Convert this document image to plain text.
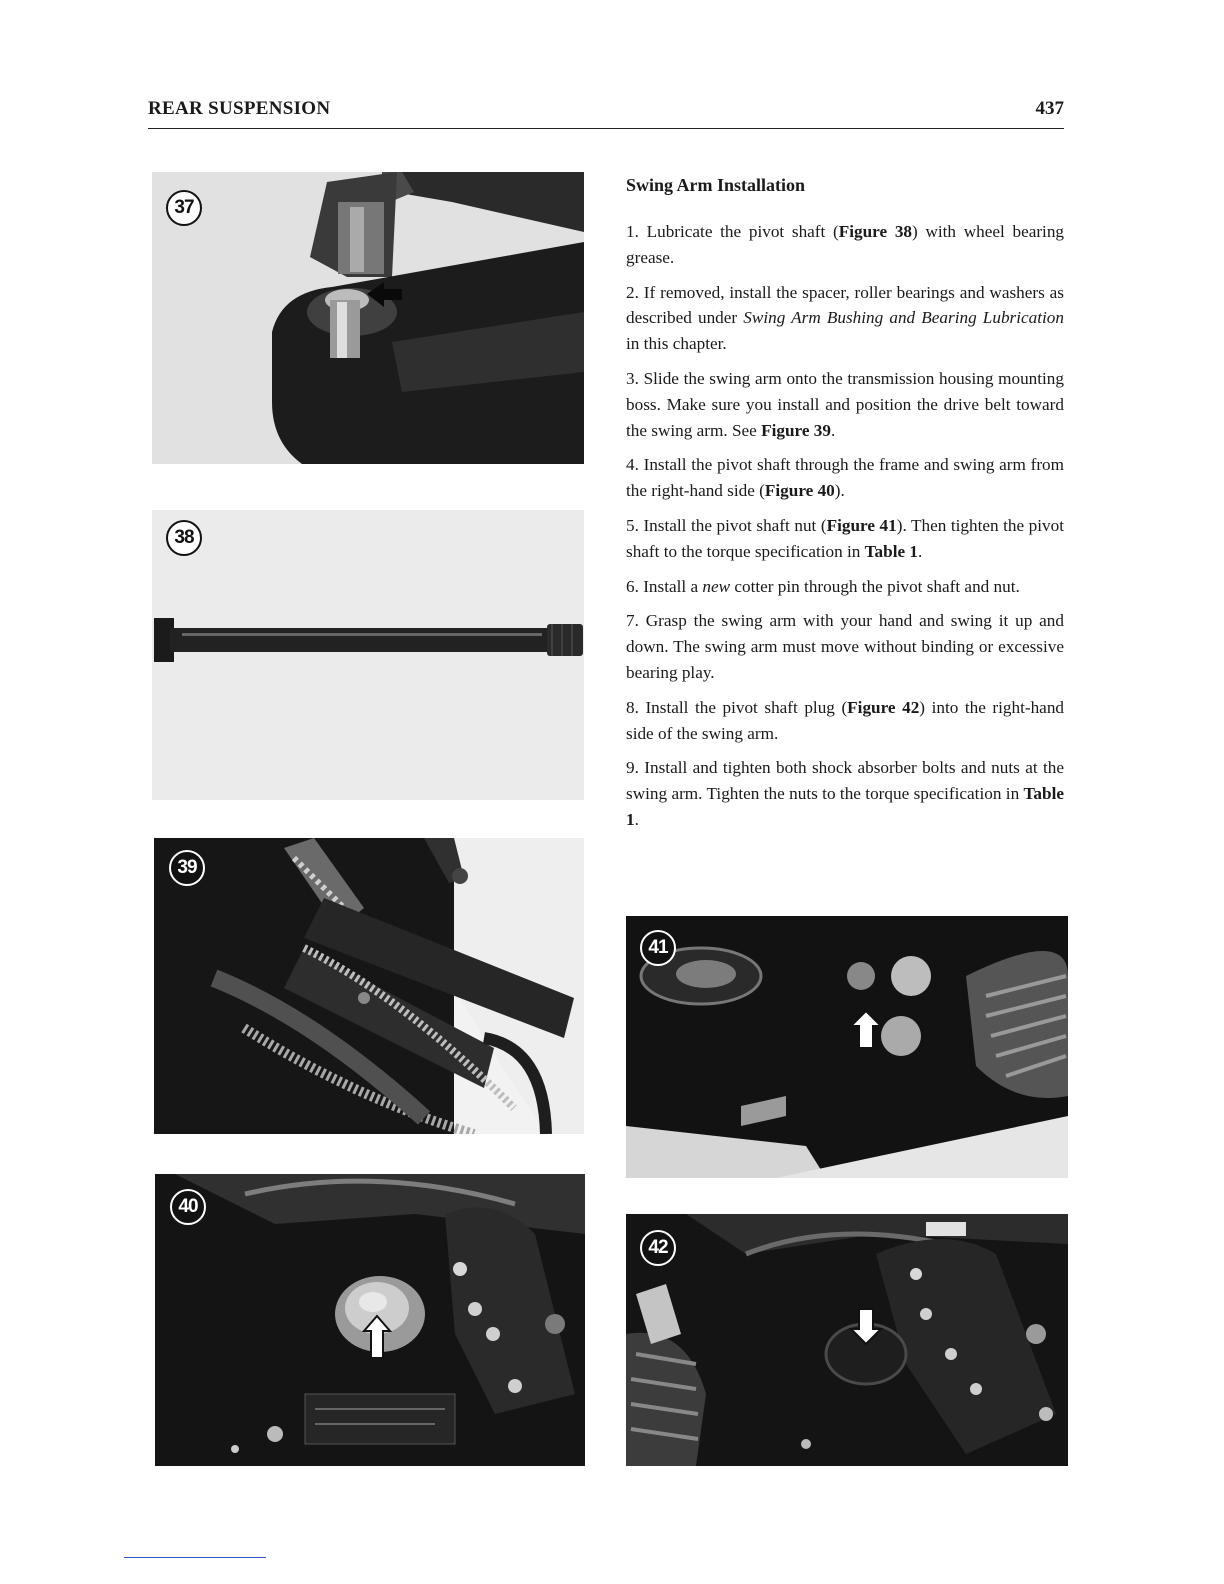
REAR SUSPENSION	437
37
38
39
40
Swing Arm Installation

1. Lubricate the pivot shaft (Figure 38) with wheel bearing grease.

2. If removed, install the spacer, roller bearings and washers as described under Swing Arm Bushing and Bearing Lubrication in this chapter.

3. Slide the swing arm onto the transmission housing mounting boss. Make sure you install and position the drive belt toward the swing arm. See Figure 39.

4. Install the pivot shaft through the frame and swing arm from the right-hand side (Figure 40).

5. Install the pivot shaft nut (Figure 41). Then tighten the pivot shaft to the torque specification in Table 1.

6. Install a new cotter pin through the pivot shaft and nut.

7. Grasp the swing arm with your hand and swing it up and down. The swing arm must move without binding or excessive bearing play.

8. Install the pivot shaft plug (Figure 42) into the right-hand side of the swing arm.

9. Install and tighten both shock absorber bolts and nuts at the swing arm. Tighten the nuts to the torque specification in Table 1.

41
42
